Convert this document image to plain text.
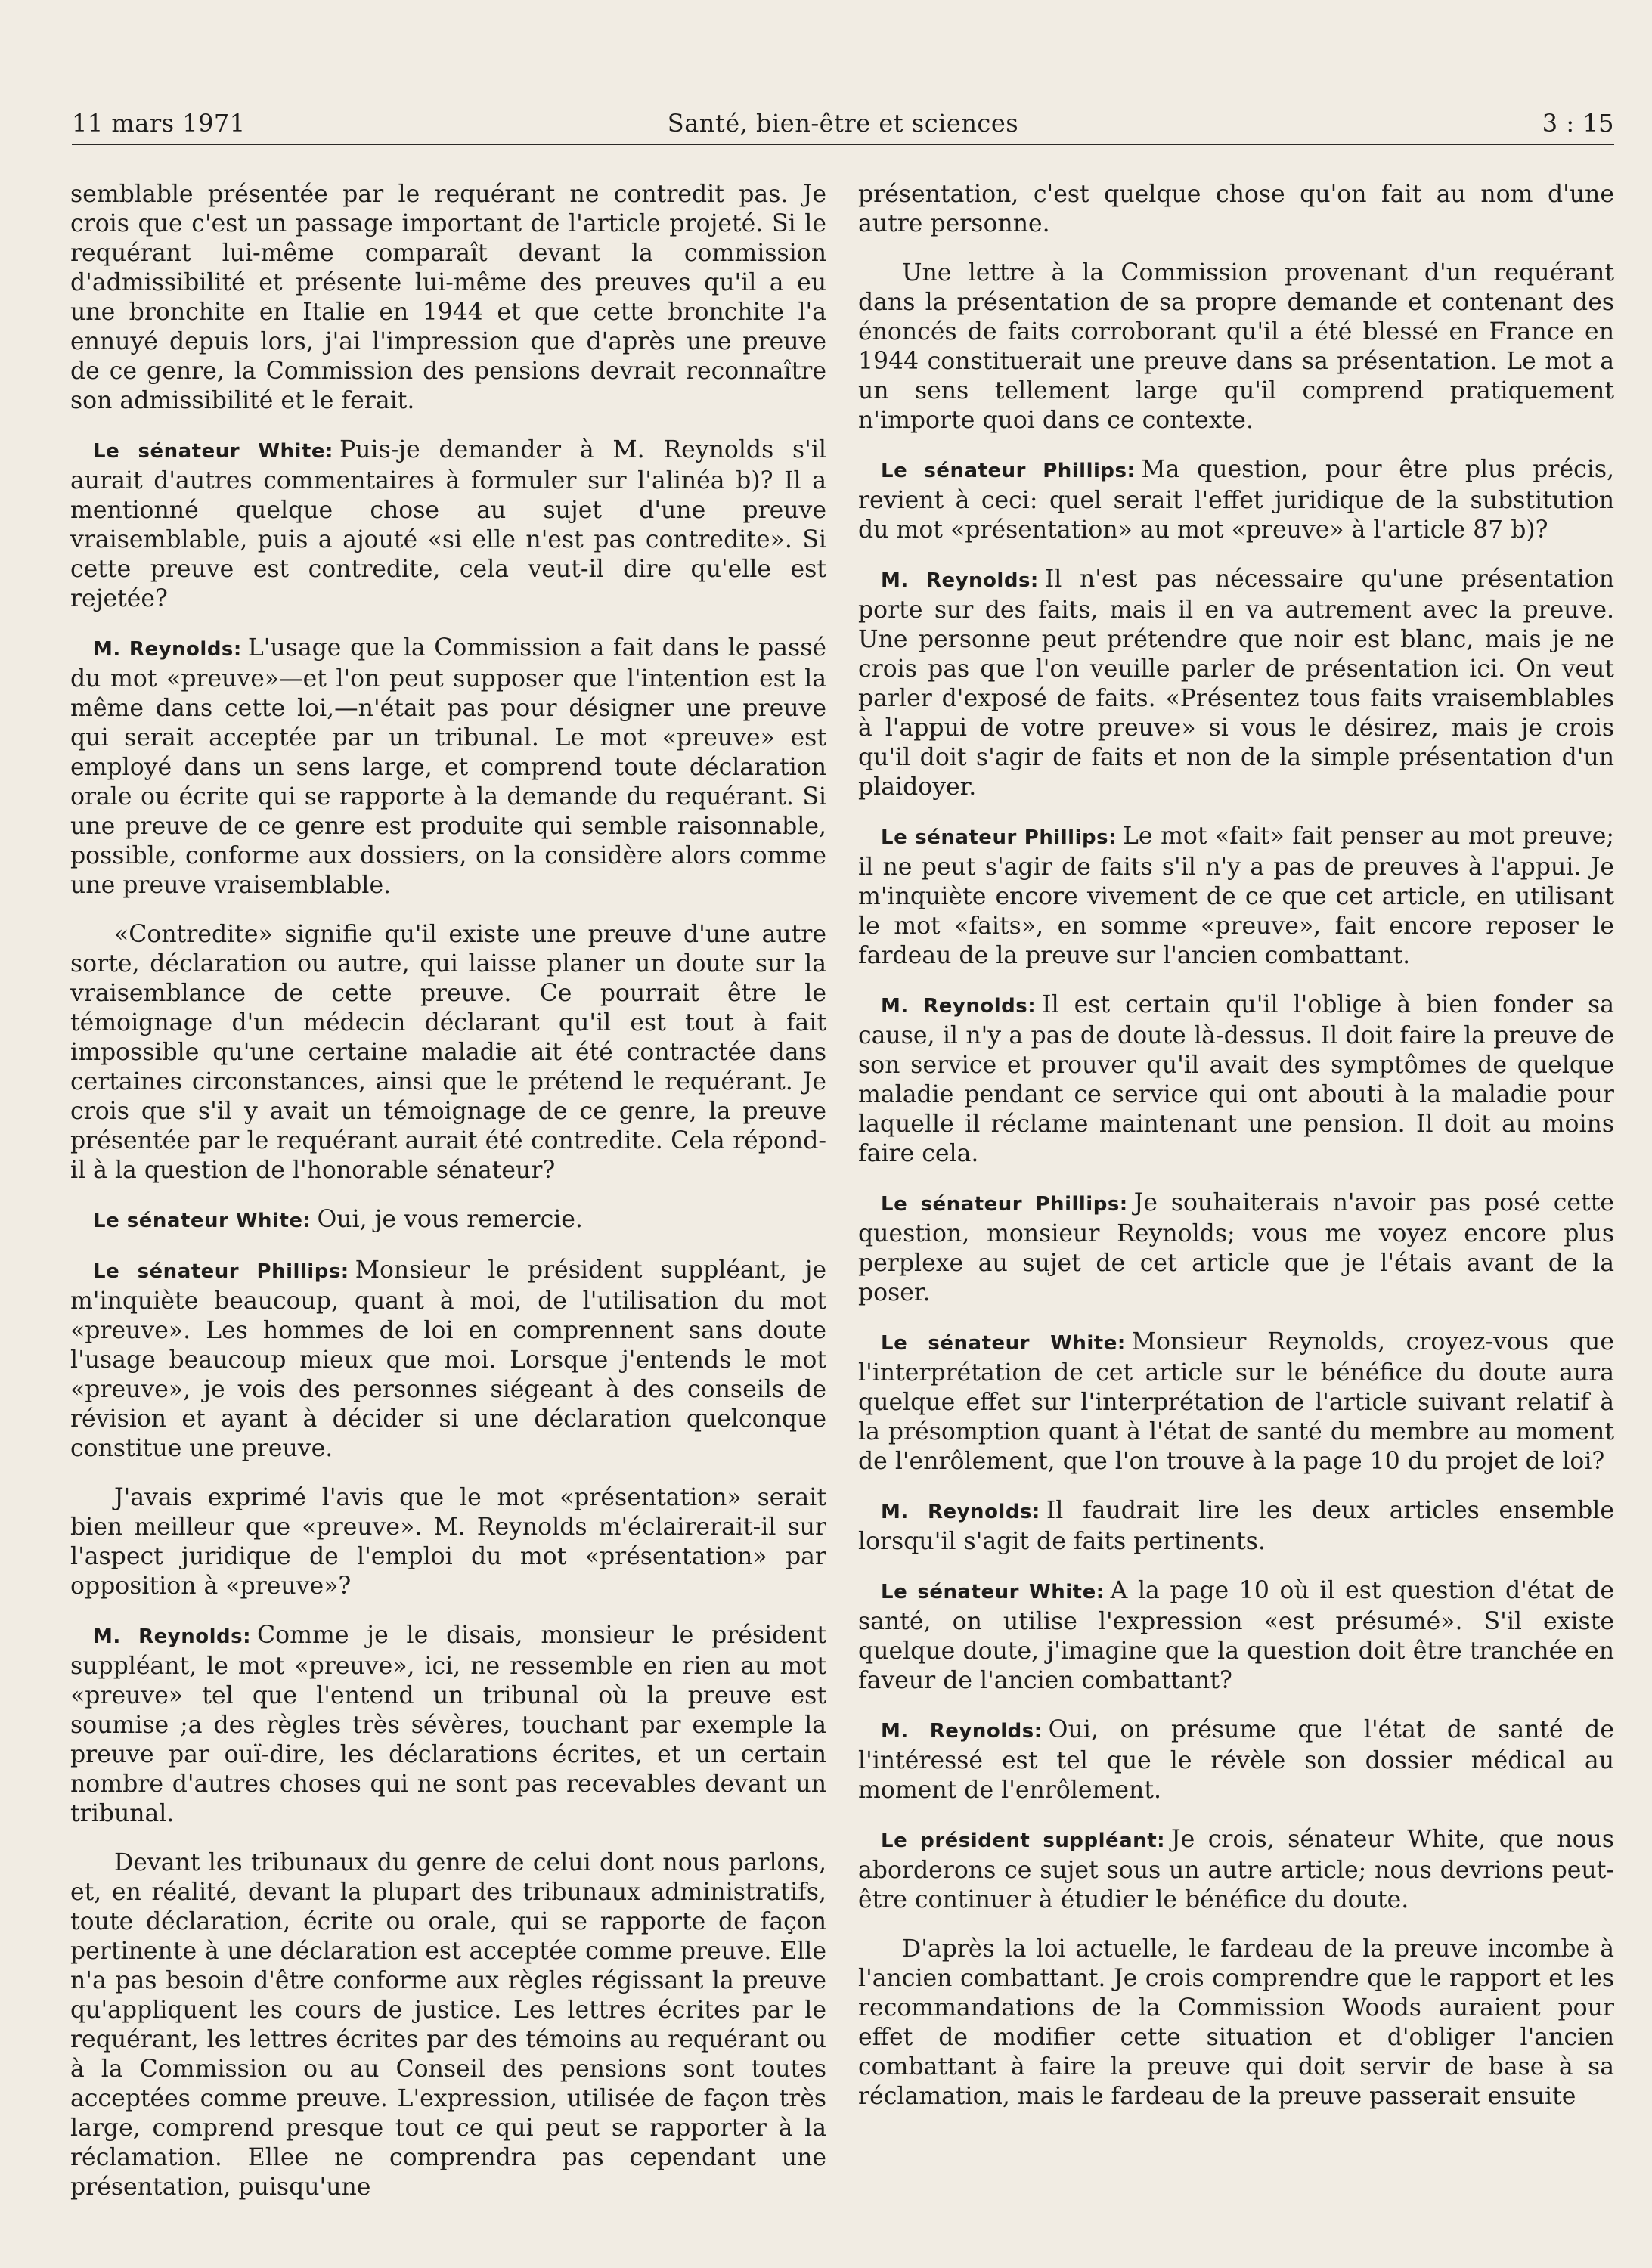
11 mars 1971	Santé, bien-être et sciences	3 : 15

semblable présentée par le requérant ne contredit pas. Je crois que c'est un passage important de l'article projeté. Si le requérant lui-même comparaît devant la commission d'admissibilité et présente lui-même des preuves qu'il a eu une bronchite en Italie en 1944 et que cette bronchite l'a ennuyé depuis lors, j'ai l'impression que d'après une preuve de ce genre, la Commission des pensions devrait reconnaître son admissibilité et le ferait.

Le sénateur White: Puis-je demander à M. Reynolds s'il aurait d'autres commentaires à formuler sur l'alinéa b)? Il a mentionné quelque chose au sujet d'une preuve vraisemblable, puis a ajouté «si elle n'est pas contredite». Si cette preuve est contredite, cela veut-il dire qu'elle est rejetée?

M. Reynolds: L'usage que la Commission a fait dans le passé du mot «preuve»—et l'on peut supposer que l'intention est la même dans cette loi,—n'était pas pour désigner une preuve qui serait acceptée par un tribunal. Le mot «preuve» est employé dans un sens large, et comprend toute déclaration orale ou écrite qui se rapporte à la demande du requérant. Si une preuve de ce genre est produite qui semble raisonnable, possible, conforme aux dossiers, on la considère alors comme une preuve vraisemblable.

«Contredite» signifie qu'il existe une preuve d'une autre sorte, déclaration ou autre, qui laisse planer un doute sur la vraisemblance de cette preuve. Ce pourrait être le témoignage d'un médecin déclarant qu'il est tout à fait impossible qu'une certaine maladie ait été contractée dans certaines circonstances, ainsi que le prétend le requérant. Je crois que s'il y avait un témoignage de ce genre, la preuve présentée par le requérant aurait été contredite. Cela répond-il à la question de l'honorable sénateur?

Le sénateur White: Oui, je vous remercie.

Le sénateur Phillips: Monsieur le président suppléant, je m'inquiète beaucoup, quant à moi, de l'utilisation du mot «preuve». Les hommes de loi en comprennent sans doute l'usage beaucoup mieux que moi. Lorsque j'entends le mot «preuve», je vois des personnes siégeant à des conseils de révision et ayant à décider si une déclaration quelconque constitue une preuve.

J'avais exprimé l'avis que le mot «présentation» serait bien meilleur que «preuve». M. Reynolds m'éclairerait-il sur l'aspect juridique de l'emploi du mot «présentation» par opposition à «preuve»?

M. Reynolds: Comme je le disais, monsieur le président suppléant, le mot «preuve», ici, ne ressemble en rien au mot «preuve» tel que l'entend un tribunal où la preuve est soumise ;a des règles très sévères, touchant par exemple la preuve par ouï-dire, les déclarations écrites, et un certain nombre d'autres choses qui ne sont pas recevables devant un tribunal.

Devant les tribunaux du genre de celui dont nous parlons, et, en réalité, devant la plupart des tribunaux administratifs, toute déclaration, écrite ou orale, qui se rapporte de façon pertinente à une déclaration est acceptée comme preuve. Elle n'a pas besoin d'être conforme aux règles régissant la preuve qu'appliquent les cours de justice. Les lettres écrites par le requérant, les lettres écrites par des témoins au requérant ou à la Commission ou au Conseil des pensions sont toutes acceptées comme preuve. L'expression, utilisée de façon très large, comprend presque tout ce qui peut se rapporter à la réclamation. Ellee ne comprendra pas cependant une présentation, puisqu'une

présentation, c'est quelque chose qu'on fait au nom d'une autre personne.

Une lettre à la Commission provenant d'un requérant dans la présentation de sa propre demande et contenant des énoncés de faits corroborant qu'il a été blessé en France en 1944 constituerait une preuve dans sa présentation. Le mot a un sens tellement large qu'il comprend pratiquement n'importe quoi dans ce contexte.

Le sénateur Phillips: Ma question, pour être plus précis, revient à ceci: quel serait l'effet juridique de la substitution du mot «présentation» au mot «preuve» à l'article 87 b)?

M. Reynolds: Il n'est pas nécessaire qu'une présentation porte sur des faits, mais il en va autrement avec la preuve. Une personne peut prétendre que noir est blanc, mais je ne crois pas que l'on veuille parler de présentation ici. On veut parler d'exposé de faits. «Présentez tous faits vraisemblables à l'appui de votre preuve» si vous le désirez, mais je crois qu'il doit s'agir de faits et non de la simple présentation d'un plaidoyer.

Le sénateur Phillips: Le mot «fait» fait penser au mot preuve; il ne peut s'agir de faits s'il n'y a pas de preuves à l'appui. Je m'inquiète encore vivement de ce que cet article, en utilisant le mot «faits», en somme «preuve», fait encore reposer le fardeau de la preuve sur l'ancien combattant.

M. Reynolds: Il est certain qu'il l'oblige à bien fonder sa cause, il n'y a pas de doute là-dessus. Il doit faire la preuve de son service et prouver qu'il avait des symptômes de quelque maladie pendant ce service qui ont abouti à la maladie pour laquelle il réclame maintenant une pension. Il doit au moins faire cela.

Le sénateur Phillips: Je souhaiterais n'avoir pas posé cette question, monsieur Reynolds; vous me voyez encore plus perplexe au sujet de cet article que je l'étais avant de la poser.

Le sénateur White: Monsieur Reynolds, croyez-vous que l'interprétation de cet article sur le bénéfice du doute aura quelque effet sur l'interprétation de l'article suivant relatif à la présomption quant à l'état de santé du membre au moment de l'enrôlement, que l'on trouve à la page 10 du projet de loi?

M. Reynolds: Il faudrait lire les deux articles ensemble lorsqu'il s'agit de faits pertinents.

Le sénateur White: A la page 10 où il est question d'état de santé, on utilise l'expression «est présumé». S'il existe quelque doute, j'imagine que la question doit être tranchée en faveur de l'ancien combattant?

M. Reynolds: Oui, on présume que l'état de santé de l'intéressé est tel que le révèle son dossier médical au moment de l'enrôlement.

Le président suppléant: Je crois, sénateur White, que nous aborderons ce sujet sous un autre article; nous devrions peut-être continuer à étudier le bénéfice du doute.

D'après la loi actuelle, le fardeau de la preuve incombe à l'ancien combattant. Je crois comprendre que le rapport et les recommandations de la Commission Woods auraient pour effet de modifier cette situation et d'obliger l'ancien combattant à faire la preuve qui doit servir de base à sa réclamation, mais le fardeau de la preuve passerait ensuite
